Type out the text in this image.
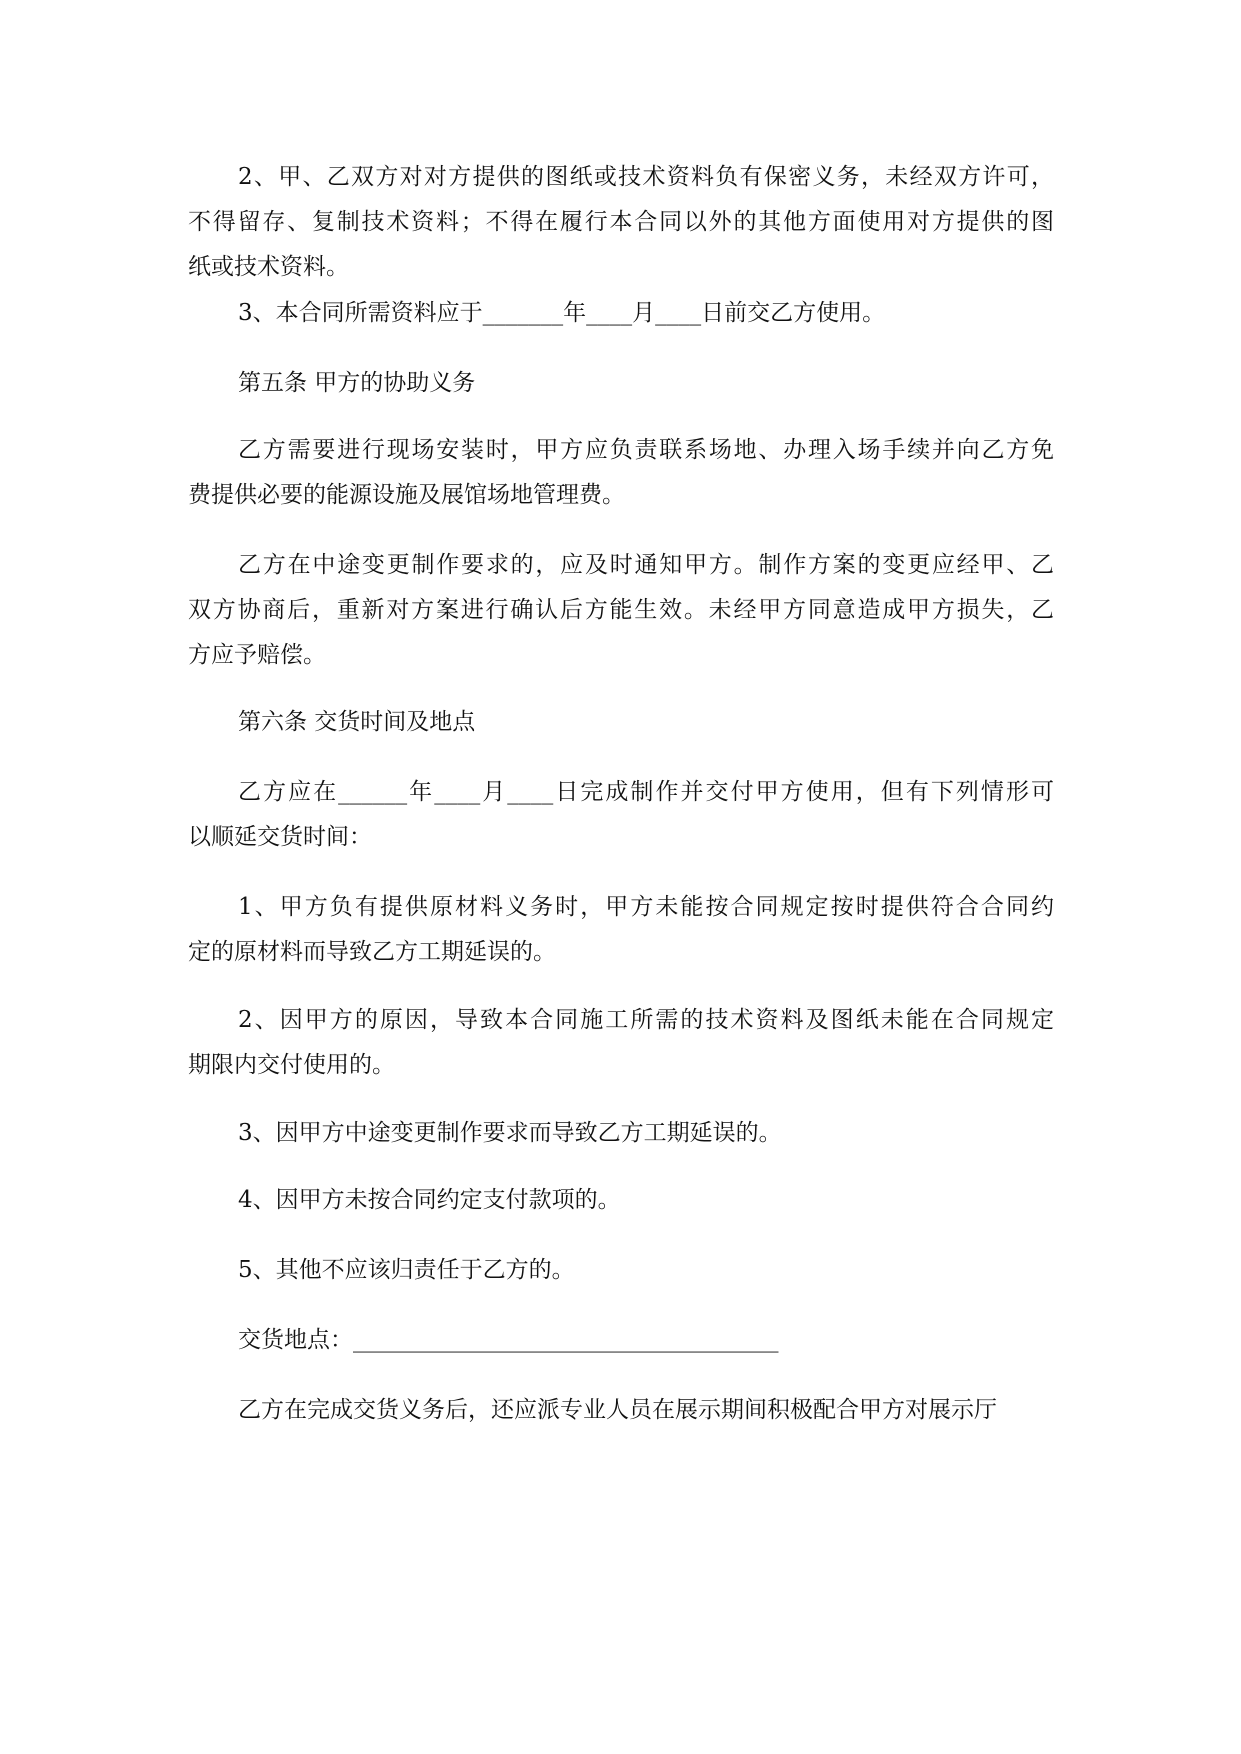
2、甲、乙双方对对方提供的图纸或技术资料负有保密义务，未经双方许可，
不得留存、复制技术资料；不得在履行本合同以外的其他方面使用对方提供的图
纸或技术资料。
3、本合同所需资料应于_______年____月____日前交乙方使用。
第五条 甲方的协助义务
乙方需要进行现场安装时，甲方应负责联系场地、办理入场手续并向乙方免
费提供必要的能源设施及展馆场地管理费。
乙方在中途变更制作要求的，应及时通知甲方。制作方案的变更应经甲、乙
双方协商后，重新对方案进行确认后方能生效。未经甲方同意造成甲方损失，乙
方应予赔偿。
第六条 交货时间及地点
乙方应在______年____月____日完成制作并交付甲方使用，但有下列情形可
以顺延交货时间：
1、甲方负有提供原材料义务时，甲方未能按合同规定按时提供符合合同约
定的原材料而导致乙方工期延误的。
2、因甲方的原因，导致本合同施工所需的技术资料及图纸未能在合同规定
期限内交付使用的。
3、因甲方中途变更制作要求而导致乙方工期延误的。
4、因甲方未按合同约定支付款项的。
5、其他不应该归责任于乙方的。
交货地点：_____________________________________
乙方在完成交货义务后，还应派专业人员在展示期间积极配合甲方对展示厅
